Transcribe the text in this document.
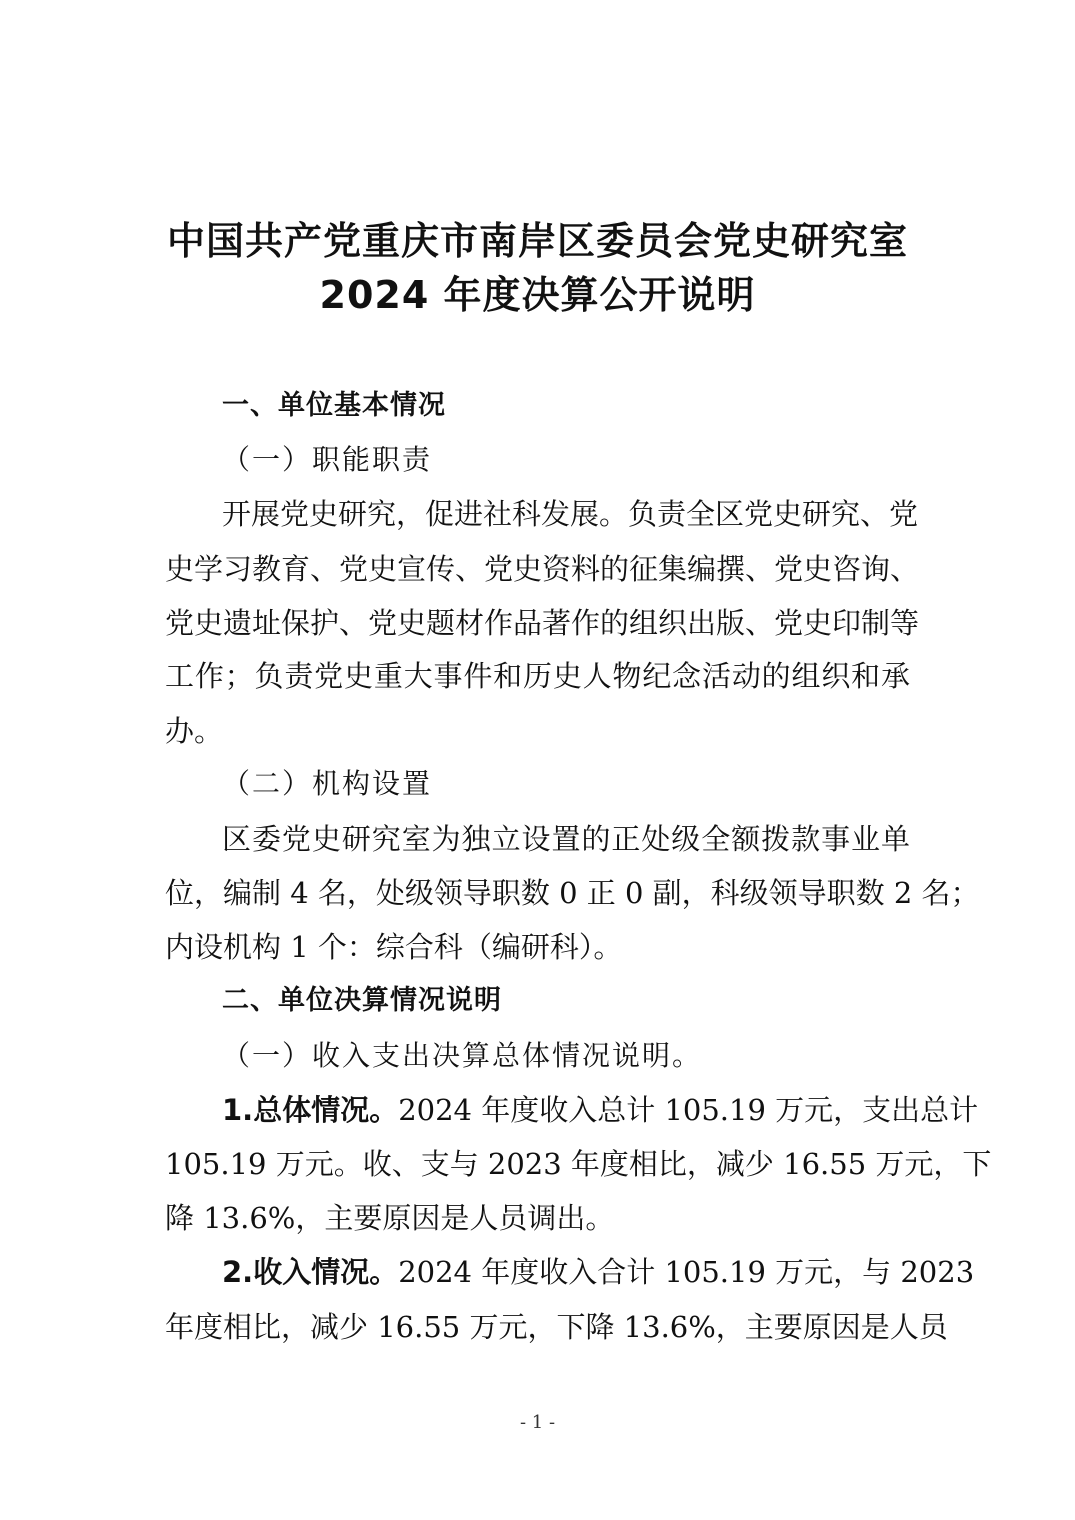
中国共产党重庆市南岸区委员会党史研究室
2024 年度决算公开说明
一、单位基本情况
（一）职能职责
开展党史研究，促进社科发展。负责全区党史研究、党
史学习教育、党史宣传、党史资料的征集编撰、党史咨询、
党史遗址保护、党史题材作品著作的组织出版、党史印制等
工作；负责党史重大事件和历史人物纪念活动的组织和承
办。
（二）机构设置
区委党史研究室为独立设置的正处级全额拨款事业单
位，编制 4 名，处级领导职数 0 正 0 副，科级领导职数 2 名；
内设机构 1 个：综合科（编研科）。
二、单位决算情况说明
（一）收入支出决算总体情况说明。
1.总体情况。2024 年度收入总计 105.19 万元，支出总计
105.19 万元。收、支与 2023 年度相比，减少 16.55 万元，下
降 13.6%，主要原因是人员调出。
2.收入情况。2024 年度收入合计 105.19 万元，与 2023
年度相比，减少 16.55 万元，下降 13.6%，主要原因是人员
- 1 -
